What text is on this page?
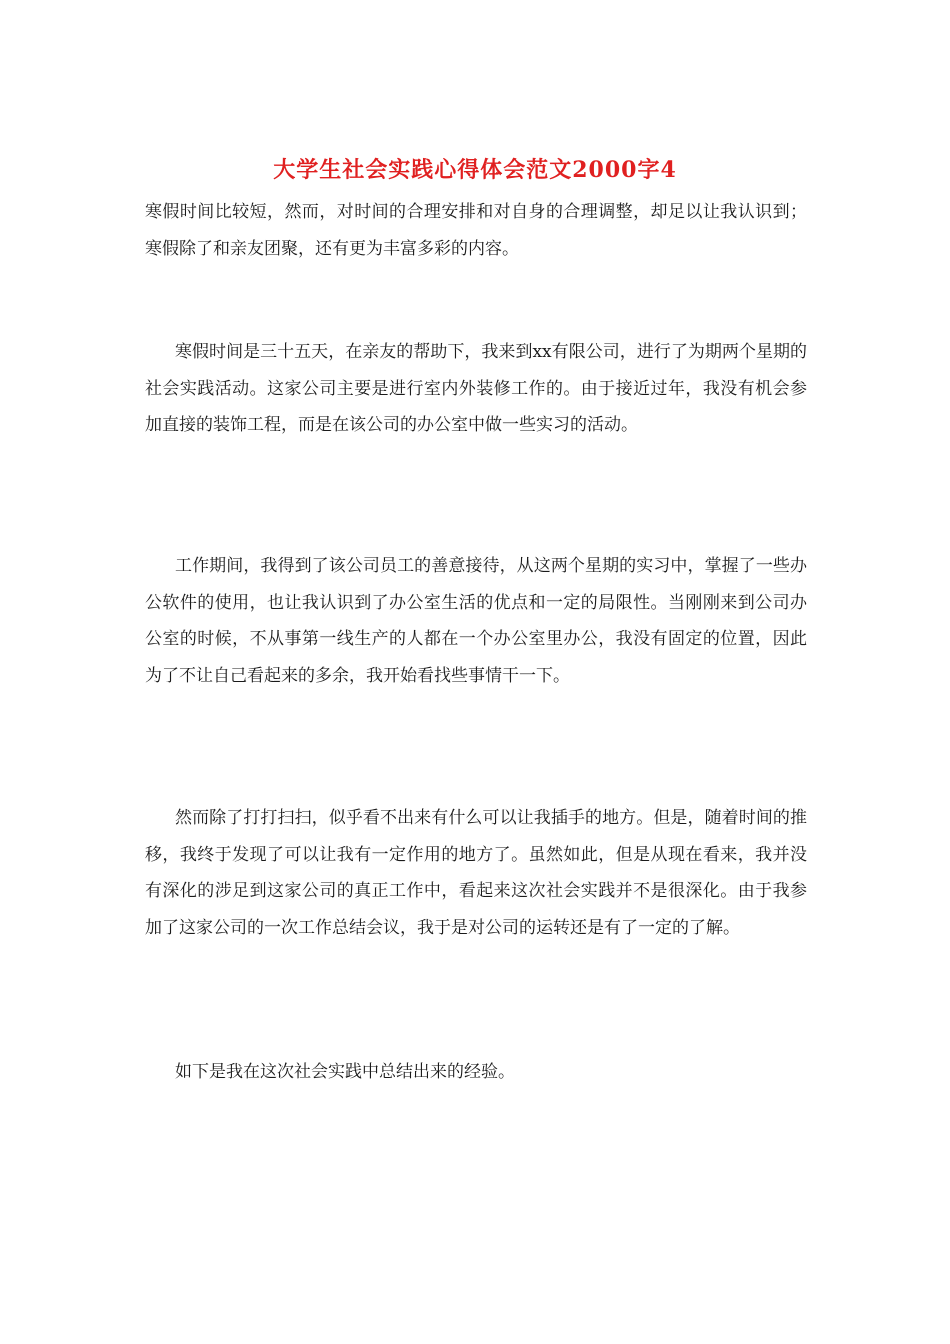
大学生社会实践心得体会范文2000字4

寒假时间比较短，然而，对时间的合理安排和对自身的合理调整，却足以让我认识到；寒假除了和亲友团聚，还有更为丰富多彩的内容。

寒假时间是三十五天，在亲友的帮助下，我来到xx有限公司，进行了为期两个星期的社会实践活动。这家公司主要是进行室内外装修工作的。由于接近过年，我没有机会参加直接的装饰工程，而是在该公司的办公室中做一些实习的活动。

工作期间，我得到了该公司员工的善意接待，从这两个星期的实习中，掌握了一些办公软件的使用，也让我认识到了办公室生活的优点和一定的局限性。当刚刚来到公司办公室的时候，不从事第一线生产的人都在一个办公室里办公，我没有固定的位置，因此为了不让自己看起来的多余，我开始看找些事情干一下。

然而除了打打扫扫，似乎看不出来有什么可以让我插手的地方。但是，随着时间的推移，我终于发现了可以让我有一定作用的地方了。虽然如此，但是从现在看来，我并没有深化的涉足到这家公司的真正工作中，看起来这次社会实践并不是很深化。由于我参加了这家公司的一次工作总结会议，我于是对公司的运转还是有了一定的了解。

如下是我在这次社会实践中总结出来的经验。
